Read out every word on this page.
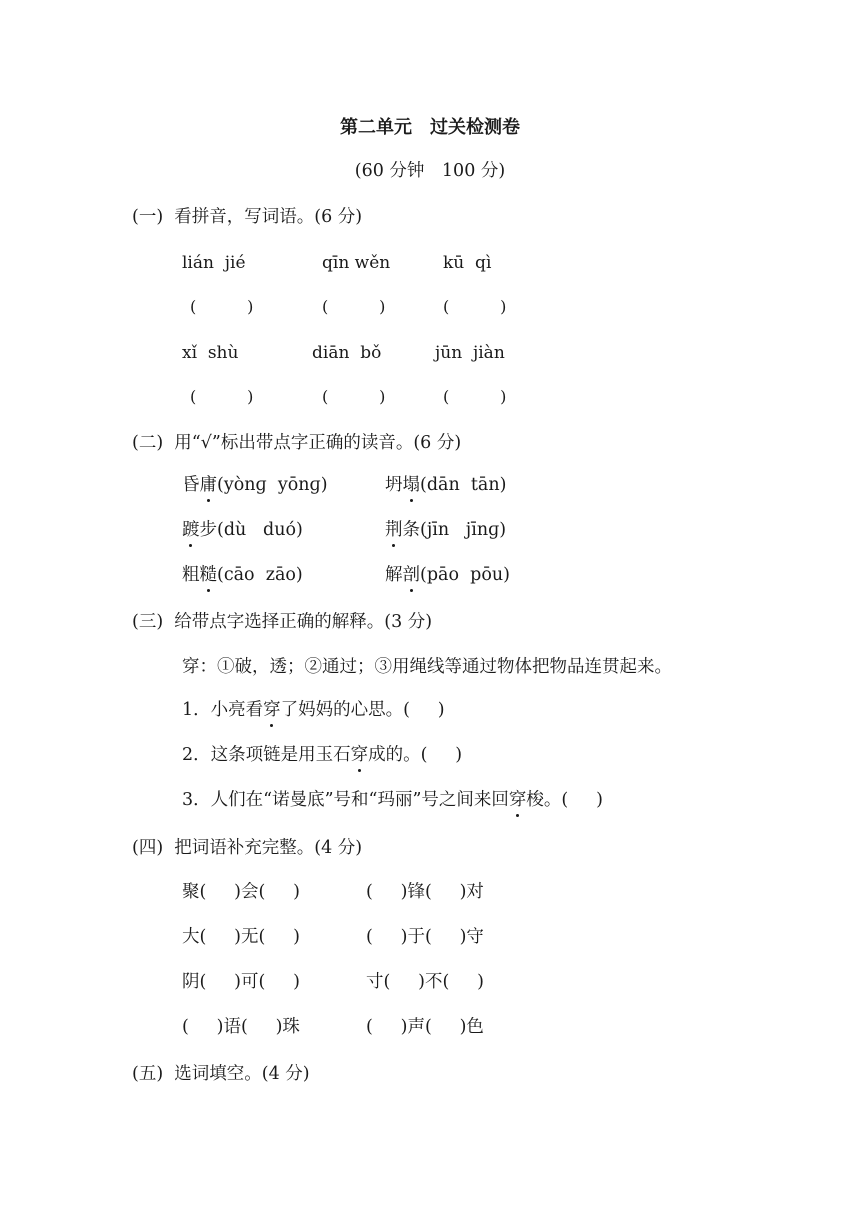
第二单元　过关检测卷
(60 分钟　100 分)
(一)  看拼音，写词语。(6 分)
lián  jié	qīn wěn	kū  qì
(          )	(          )	(          )
xǐ  shù	diān  bǒ	jūn  jiàn
(          )	(          )	(          )
(二)  用“√”标出带点字正确的读音。(6 分)
昏庸(yònɡ  yōnɡ)	坍塌(dān  tān)
踱步(dù   duó)	荆条(jīn   jīnɡ)
粗糙(cāo  zāo)	解剖(pāo  pōu)
(三)  给带点字选择正确的解释。(3 分)
穿：①破，透；②通过；③用绳线等通过物体把物品连贯起来。
1．小亮看穿了妈妈的心思。(     )
2．这条项链是用玉石穿成的。(     )
3．人们在“诺曼底”号和“玛丽”号之间来回穿梭。(     )
(四)  把词语补充完整。(4 分)
聚(     )会(     )	(     )锋(     )对
大(     )无(     )	(     )于(     )守
阴(     )可(     )	寸(     )不(     )
(     )语(     )珠	(     )声(     )色
(五)  选词填空。(4 分)
